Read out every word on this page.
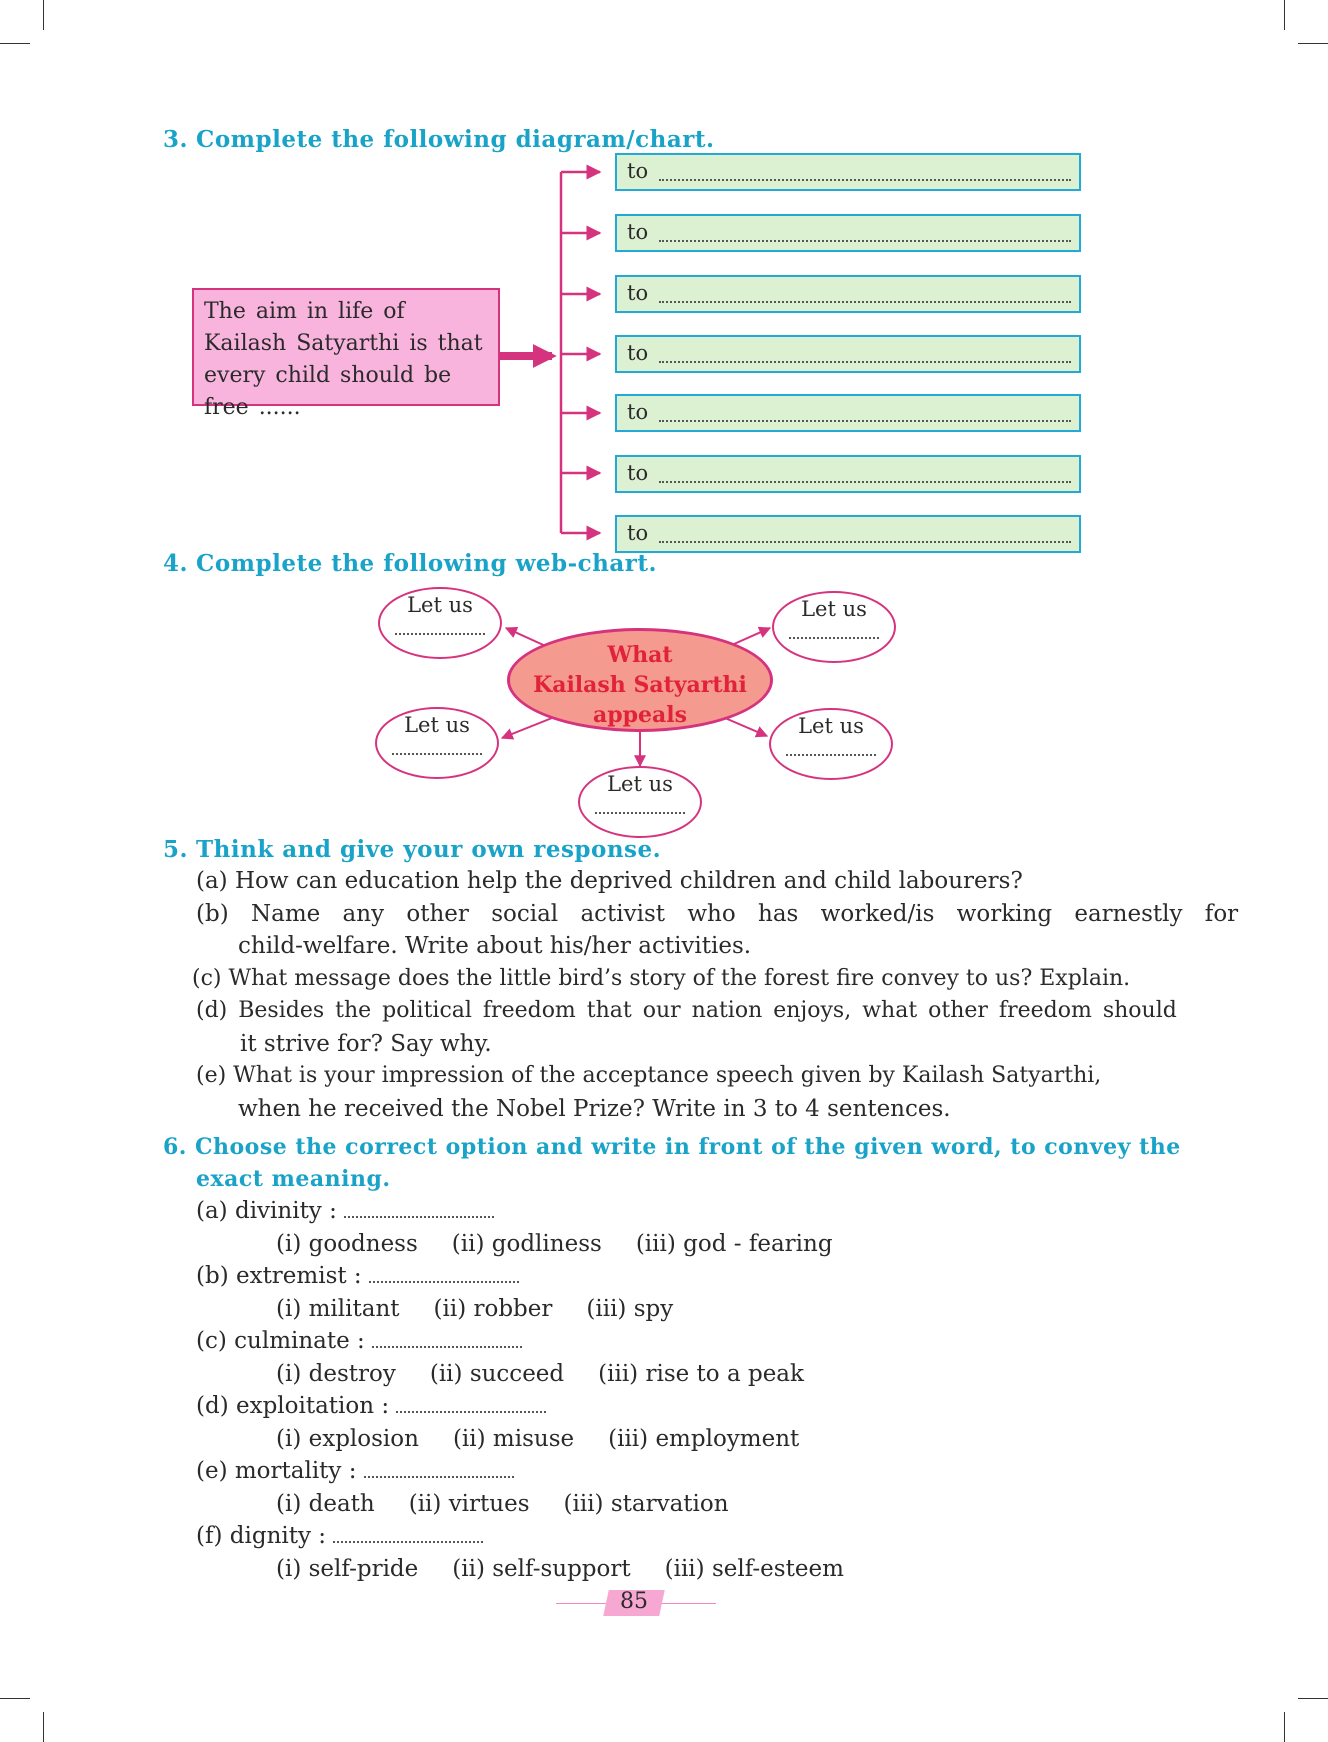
3. Complete the following diagram/chart.
The aim in life of Kailash Satyarthi is that every child should be free ......
to
to
to
to
to
to
to
4. Complete the following web-chart.
What
Kailash Satyarthi
appeals
Let us	Let us
Let us	Let us
Let us
5. Think and give your own response.
(a) How can education help the deprived children and child labourers?
(b) Name any other social activist who has worked/is working earnestly for
child-welfare. Write about his/her activities.
(c) What message does the little bird’s story of the forest fire convey to us? Explain.
(d) Besides the political freedom that our nation enjoys, what other freedom should
it strive for? Say why.
(e) What is your impression of the acceptance speech given by Kailash Satyarthi,
when he received the Nobel Prize? Write in 3 to 4 sentences.
6. Choose the correct option and write in front of the given word, to convey the
exact meaning.
(a) divinity :
(i) goodness (ii) godliness (iii) god - fearing
(b) extremist :
(i) militant (ii) robber (iii) spy
(c) culminate :
(i) destroy (ii) succeed (iii) rise to a peak
(d) exploitation :
(i) explosion (ii) misuse (iii) employment
(e) mortality :
(i) death (ii) virtues (iii) starvation
(f) dignity :
(i) self-pride (ii) self-support (iii) self-esteem
85
